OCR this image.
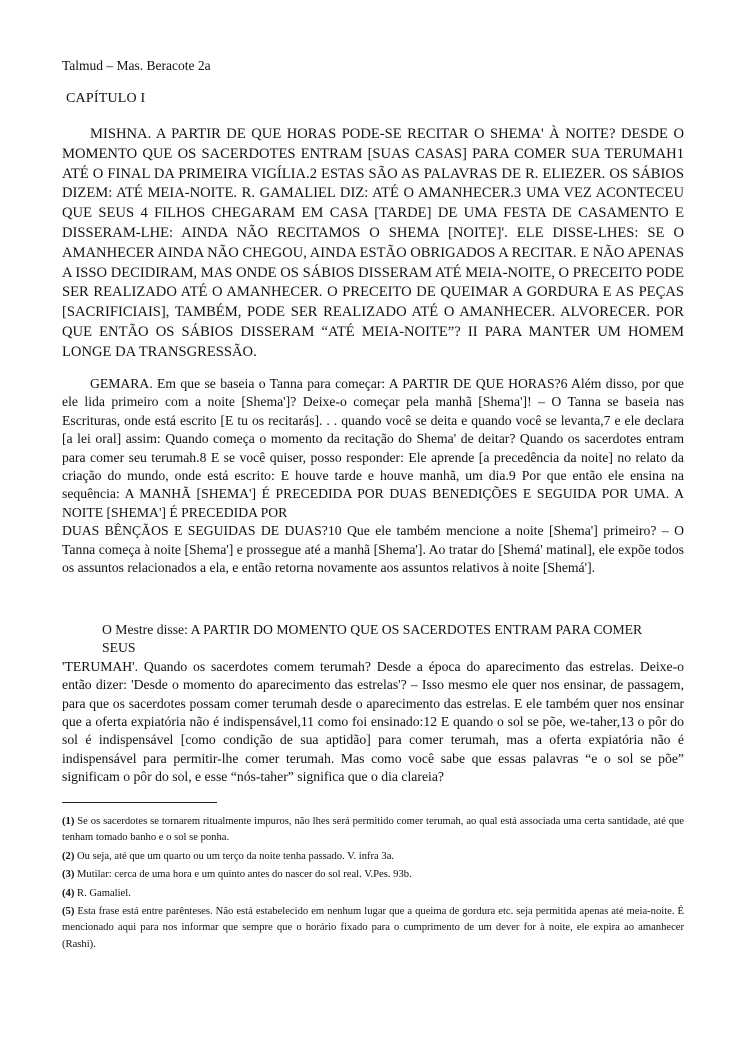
Talmud – Mas. Beracote 2a
CAPÍTULO I

MISHNA. A PARTIR DE QUE HORAS PODE-SE RECITAR O SHEMA' À NOITE? DESDE O MOMENTO QUE OS SACERDOTES ENTRAM [SUAS CASAS] PARA COMER SUA TERUMAH1 ATÉ O FINAL DA PRIMEIRA VIGÍLIA.2 ESTAS SÃO AS PALAVRAS DE R. ELIEZER. OS SÁBIOS DIZEM: ATÉ MEIA-NOITE. R. GAMALIEL DIZ: ATÉ O AMANHECER.3 UMA VEZ ACONTECEU QUE SEUS 4 FILHOS CHEGARAM EM CASA [TARDE] DE UMA FESTA DE CASAMENTO E DISSERAM-LHE: AINDA NÃO RECITAMOS O SHEMA [NOITE]'. ELE DISSE-LHES: SE O AMANHECER AINDA NÃO CHEGOU, AINDA ESTÃO OBRIGADOS A RECITAR. E NÃO APENAS A ISSO DECIDIRAM, MAS ONDE OS SÁBIOS DISSERAM ATÉ MEIA-NOITE, O PRECEITO PODE SER REALIZADO ATÉ O AMANHECER. O PRECEITO DE QUEIMAR A GORDURA E AS PEÇAS [SACRIFICIAIS], TAMBÉM, PODE SER REALIZADO ATÉ O AMANHECER. ALVORECER. POR QUE ENTÃO OS SÁBIOS DISSERAM “ATÉ MEIA-NOITE”? II PARA MANTER UM HOMEM LONGE DA TRANSGRESSÃO.

GEMARA. Em que se baseia o Tanna para começar: A PARTIR DE QUE HORAS?6 Além disso, por que ele lida primeiro com a noite [Shema']? Deixe-o começar pela manhã [Shema']! – O Tanna se baseia nas Escrituras, onde está escrito [E tu os recitarás]. . . quando você se deita e quando você se levanta,7 e ele declara [a lei oral] assim: Quando começa o momento da recitação do Shema' de deitar? Quando os sacerdotes entram para comer seu terumah.8 E se você quiser, posso responder: Ele aprende [a precedência da noite] no relato da criação do mundo, onde está escrito: E houve tarde e houve manhã, um dia.9 Por que então ele ensina na sequência: A MANHÃ [SHEMA'] É PRECEDIDA POR DUAS BENEDIÇÕES E SEGUIDA POR UMA. A NOITE [SHEMA'] É PRECEDIDA POR

DUAS BÊNÇÃOS E SEGUIDAS DE DUAS?10 Que ele também mencione a noite [Shema'] primeiro? – O Tanna começa à noite [Shema'] e prossegue até a manhã [Shema']. Ao tratar do [Shemá' matinal], ele expõe todos os assuntos relacionados a ela, e então retorna novamente aos assuntos relativos à noite [Shemá'].

O Mestre disse: A PARTIR DO MOMENTO QUE OS SACERDOTES ENTRAM PARA COMER SEUS

'TERUMAH'. Quando os sacerdotes comem terumah? Desde a época do aparecimento das estrelas. Deixe-o então dizer: 'Desde o momento do aparecimento das estrelas'? – Isso mesmo ele quer nos ensinar, de passagem, para que os sacerdotes possam comer terumah desde o aparecimento das estrelas. E ele também quer nos ensinar que a oferta expiatória não é indispensável,11 como foi ensinado:12 E quando o sol se põe, we-taher,13 o pôr do sol é indispensável [como condição de sua aptidão] para comer terumah, mas a oferta expiatória não é indispensável para permitir-lhe comer terumah. Mas como você sabe que essas palavras “e o sol se põe” significam o pôr do sol, e esse “nós-taher” significa que o dia clareia?

(1) Se os sacerdotes se tornarem ritualmente impuros, não lhes será permitido comer terumah, ao qual está associada uma certa santidade, até que tenham tomado banho e o sol se ponha.

(2) Ou seja, até que um quarto ou um terço da noite tenha passado. V. infra 3a.

(3) Mutilar: cerca de uma hora e um quinto antes do nascer do sol real. V.Pes. 93b.

(4) R. Gamaliel.

(5) Esta frase está entre parênteses. Não está estabelecido em nenhum lugar que a queima de gordura etc. seja permitida apenas até meia-noite. É mencionado aqui para nos informar que sempre que o horário fixado para o cumprimento de um dever for à noite, ele expira ao amanhecer (Rashi).
